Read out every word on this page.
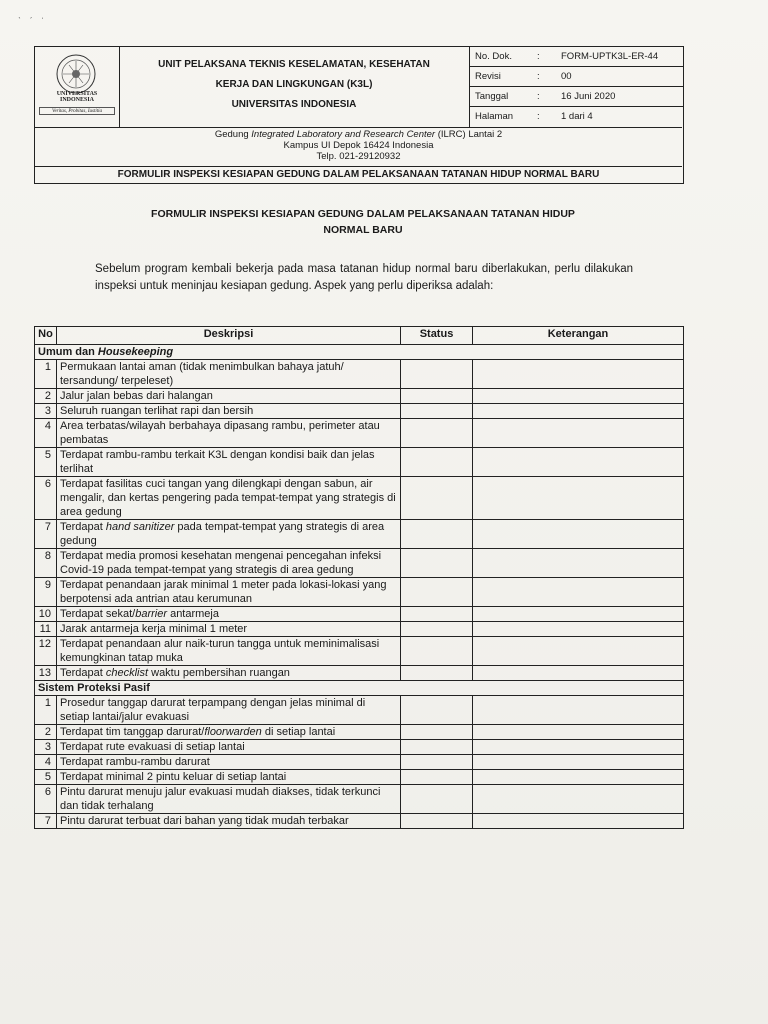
ˋ ˊ ˈ
UNIVERSITAS
INDONESIA
Veritas, Probitas, Iustitia
UNIT PELAKSANA TEKNIS KESELAMATAN, KESEHATAN
KERJA DAN LINGKUNGAN (K3L)
UNIVERSITAS INDONESIA
No. Dok.	: FORM-UPTK3L-ER-44
Revisi	: 00
Tanggal	: 16 Juni 2020
Halaman	: 1 dari 4
Gedung Integrated Laboratory and Research Center (ILRC) Lantai 2
Kampus UI Depok 16424 Indonesia
Telp. 021-29120932
FORMULIR INSPEKSI KESIAPAN GEDUNG DALAM PELAKSANAAN TATANAN HIDUP NORMAL BARU
FORMULIR INSPEKSI KESIAPAN GEDUNG DALAM PELAKSANAAN TATANAN HIDUP
NORMAL BARU
Sebelum program kembali bekerja pada masa tatanan hidup normal baru diberlakukan, perlu dilakukan inspeksi untuk meninjau kesiapan gedung. Aspek yang perlu diperiksa adalah:
No	Deskripsi	Status	Keterangan
Umum dan Housekeeping			
1	Permukaan lantai aman (tidak menimbulkan bahaya jatuh/ tersandung/ terpeleset)		
2	Jalur jalan bebas dari halangan		
3	Seluruh ruangan terlihat rapi dan bersih		
4	Area terbatas/wilayah berbahaya dipasang rambu, perimeter atau pembatas		
5	Terdapat rambu-rambu terkait K3L dengan kondisi baik dan jelas terlihat		
6	Terdapat fasilitas cuci tangan yang dilengkapi dengan sabun, air mengalir, dan kertas pengering pada tempat-tempat yang strategis di area gedung		
7	Terdapat hand sanitizer pada tempat-tempat yang strategis di area gedung		
8	Terdapat media promosi kesehatan mengenai pencegahan infeksi Covid-19 pada tempat-tempat yang strategis di area gedung		
9	Terdapat penandaan jarak minimal 1 meter pada lokasi-lokasi yang berpotensi ada antrian atau kerumunan		
10	Terdapat sekat/barrier antarmeja		
11	Jarak antarmeja kerja minimal 1 meter		
12	Terdapat penandaan alur naik-turun tangga untuk meminimalisasi kemungkinan tatap muka		
13	Terdapat checklist waktu pembersihan ruangan		
Sistem Proteksi Pasif			
1	Prosedur tanggap darurat terpampang dengan jelas minimal di setiap lantai/jalur evakuasi		
2	Terdapat tim tanggap darurat/floorwarden di setiap lantai		
3	Terdapat rute evakuasi di setiap lantai		
4	Terdapat rambu-rambu darurat		
5	Terdapat minimal 2 pintu keluar di setiap lantai		
6	Pintu darurat menuju jalur evakuasi mudah diakses, tidak terkunci dan tidak terhalang		
7	Pintu darurat terbuat dari bahan yang tidak mudah terbakar		
